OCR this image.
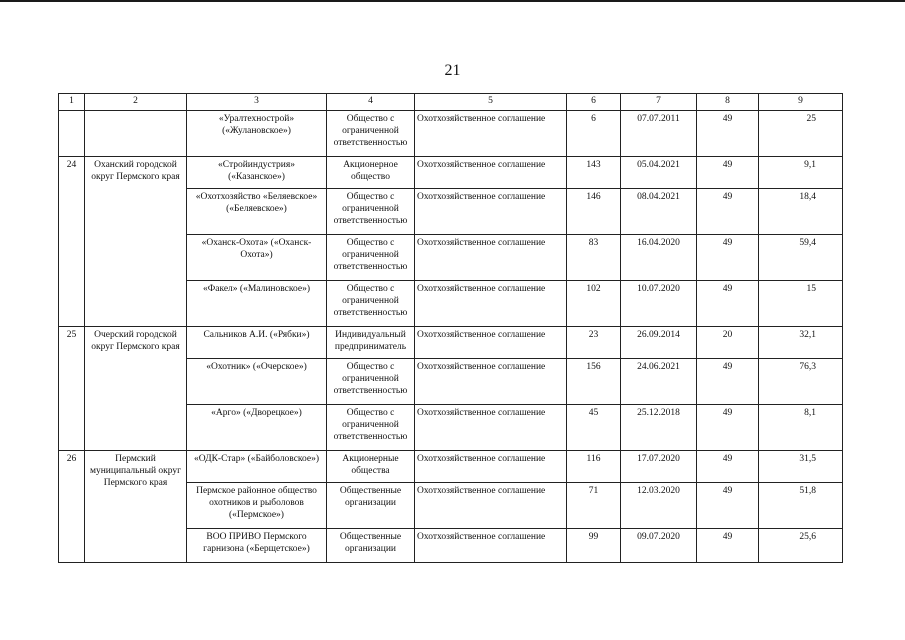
21
1	2	3	4	5	6	7	8	9
		«Уралтехнострой» («Жулановское»)	Общество с ограниченной ответственностью	Охотхозяйственное соглашение	6	07.07.2011	49	25
24	Оханский городской округ Пермского края	«Стройиндустрия» («Казанское»)	Акционерное общество	Охотхозяйственное соглашение	143	05.04.2021	49	9,1
		«Охотхозяйство «Беляевское» («Беляевское»)	Общество с ограниченной ответственностью	Охотхозяйственное соглашение	146	08.04.2021	49	18,4
		«Оханск-Охота» («Оханск-Охота»)	Общество с ограниченной ответственностью	Охотхозяйственное соглашение	83	16.04.2020	49	59,4
		«Факел» («Малиновское»)	Общество с ограниченной ответственностью	Охотхозяйственное соглашение	102	10.07.2020	49	15
25	Очерский городской округ Пермского края	Сальников А.И. («Рябки»)	Индивидуальный предприниматель	Охотхозяйственное соглашение	23	26.09.2014	20	32,1
		«Охотник» («Очерское»)	Общество с ограниченной ответственностью	Охотхозяйственное соглашение	156	24.06.2021	49	76,3
		«Арго» («Дворецкое»)	Общество с ограниченной ответственностью	Охотхозяйственное соглашение	45	25.12.2018	49	8,1
26	Пермский муниципальный округ Пермского края	«ОДК-Стар» («Байболовское»)	Акционерные общества	Охотхозяйственное соглашение	116	17.07.2020	49	31,5
		Пермское районное общество охотников и рыболовов («Пермское»)	Общественные организации	Охотхозяйственное соглашение	71	12.03.2020	49	51,8
		ВОО ПРИВО Пермского гарнизона («Берщетское»)	Общественные организации	Охотхозяйственное соглашение	99	09.07.2020	49	25,6
